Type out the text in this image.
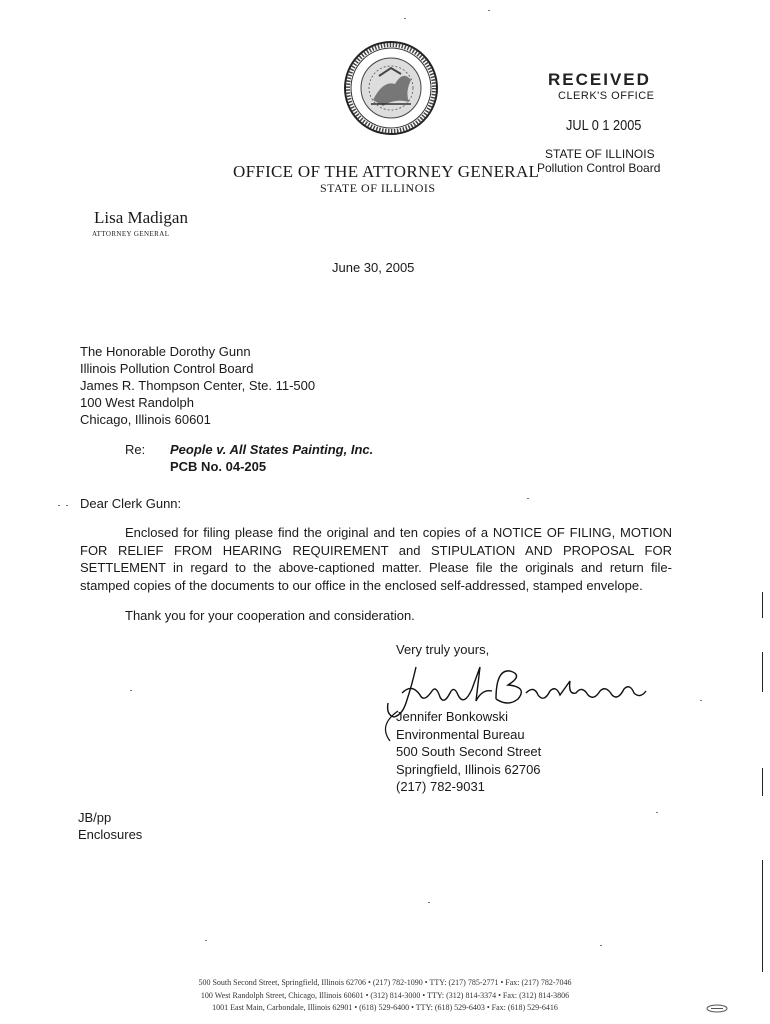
RECEIVED
CLERK'S OFFICE
JUL 0 1 2005
STATE OF ILLINOIS
Pollution Control Board
OFFICE OF THE ATTORNEY GENERAL
STATE OF ILLINOIS
Lisa Madigan
ATTORNEY GENERAL
June 30, 2005
The Honorable Dorothy Gunn
Illinois Pollution Control Board
James R. Thompson Center, Ste. 11-500
100 West Randolph
Chicago, Illinois 60601
Re: People v. All States Painting, Inc.
PCB No. 04-205
Dear Clerk Gunn:
Enclosed for filing please find the original and ten copies of a NOTICE OF FILING, MOTION FOR RELIEF FROM HEARING REQUIREMENT and STIPULATION AND PROPOSAL FOR SETTLEMENT in regard to the above-captioned matter. Please file the originals and return file-stamped copies of the documents to our office in the enclosed self-addressed, stamped envelope.
Thank you for your cooperation and consideration.
Very truly yours,
Jennifer Bonkowski
Environmental Bureau
500 South Second Street
Springfield, Illinois 62706
(217) 782-9031
JB/pp
Enclosures
500 South Second Street, Springfield, Illinois 62706 • (217) 782-1090 • TTY: (217) 785-2771 • Fax: (217) 782-7046
100 West Randolph Street, Chicago, Illinois 60601 • (312) 814-3000 • TTY: (312) 814-3374 • Fax: (312) 814-3806
1001 East Main, Carbondale, Illinois 62901 • (618) 529-6400 • TTY: (618) 529-6403 • Fax: (618) 529-6416
